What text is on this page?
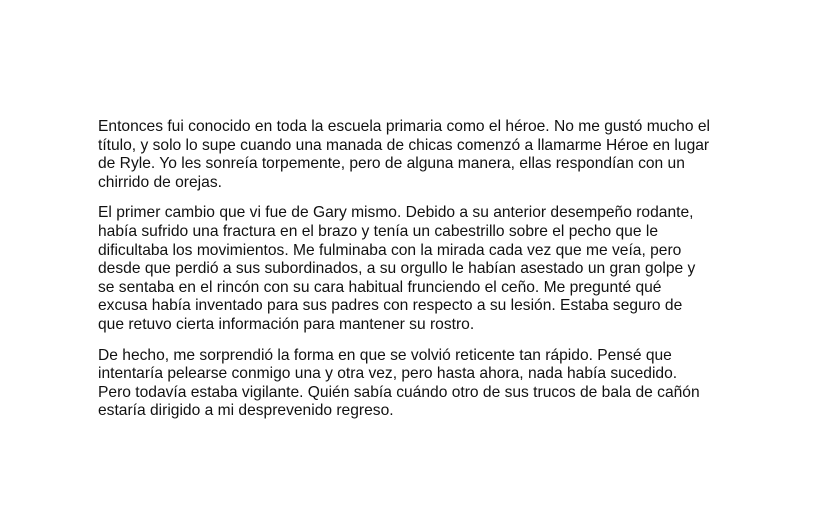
Entonces fui conocido en toda la escuela primaria como el héroe. No me gustó mucho el
título, y solo lo supe cuando una manada de chicas comenzó a llamarme Héroe en lugar
de Ryle. Yo les sonreía torpemente, pero de alguna manera, ellas respondían con un
chirrido de orejas.

El primer cambio que vi fue de Gary mismo. Debido a su anterior desempeño rodante,
había sufrido una fractura en el brazo y tenía un cabestrillo sobre el pecho que le
dificultaba los movimientos. Me fulminaba con la mirada cada vez que me veía, pero
desde que perdió a sus subordinados, a su orgullo le habían asestado un gran golpe y
se sentaba en el rincón con su cara habitual frunciendo el ceño. Me pregunté qué
excusa había inventado para sus padres con respecto a su lesión. Estaba seguro de
que retuvo cierta información para mantener su rostro.

De hecho, me sorprendió la forma en que se volvió reticente tan rápido. Pensé que
intentaría pelearse conmigo una y otra vez, pero hasta ahora, nada había sucedido.
Pero todavía estaba vigilante. Quién sabía cuándo otro de sus trucos de bala de cañón
estaría dirigido a mi desprevenido regreso.
